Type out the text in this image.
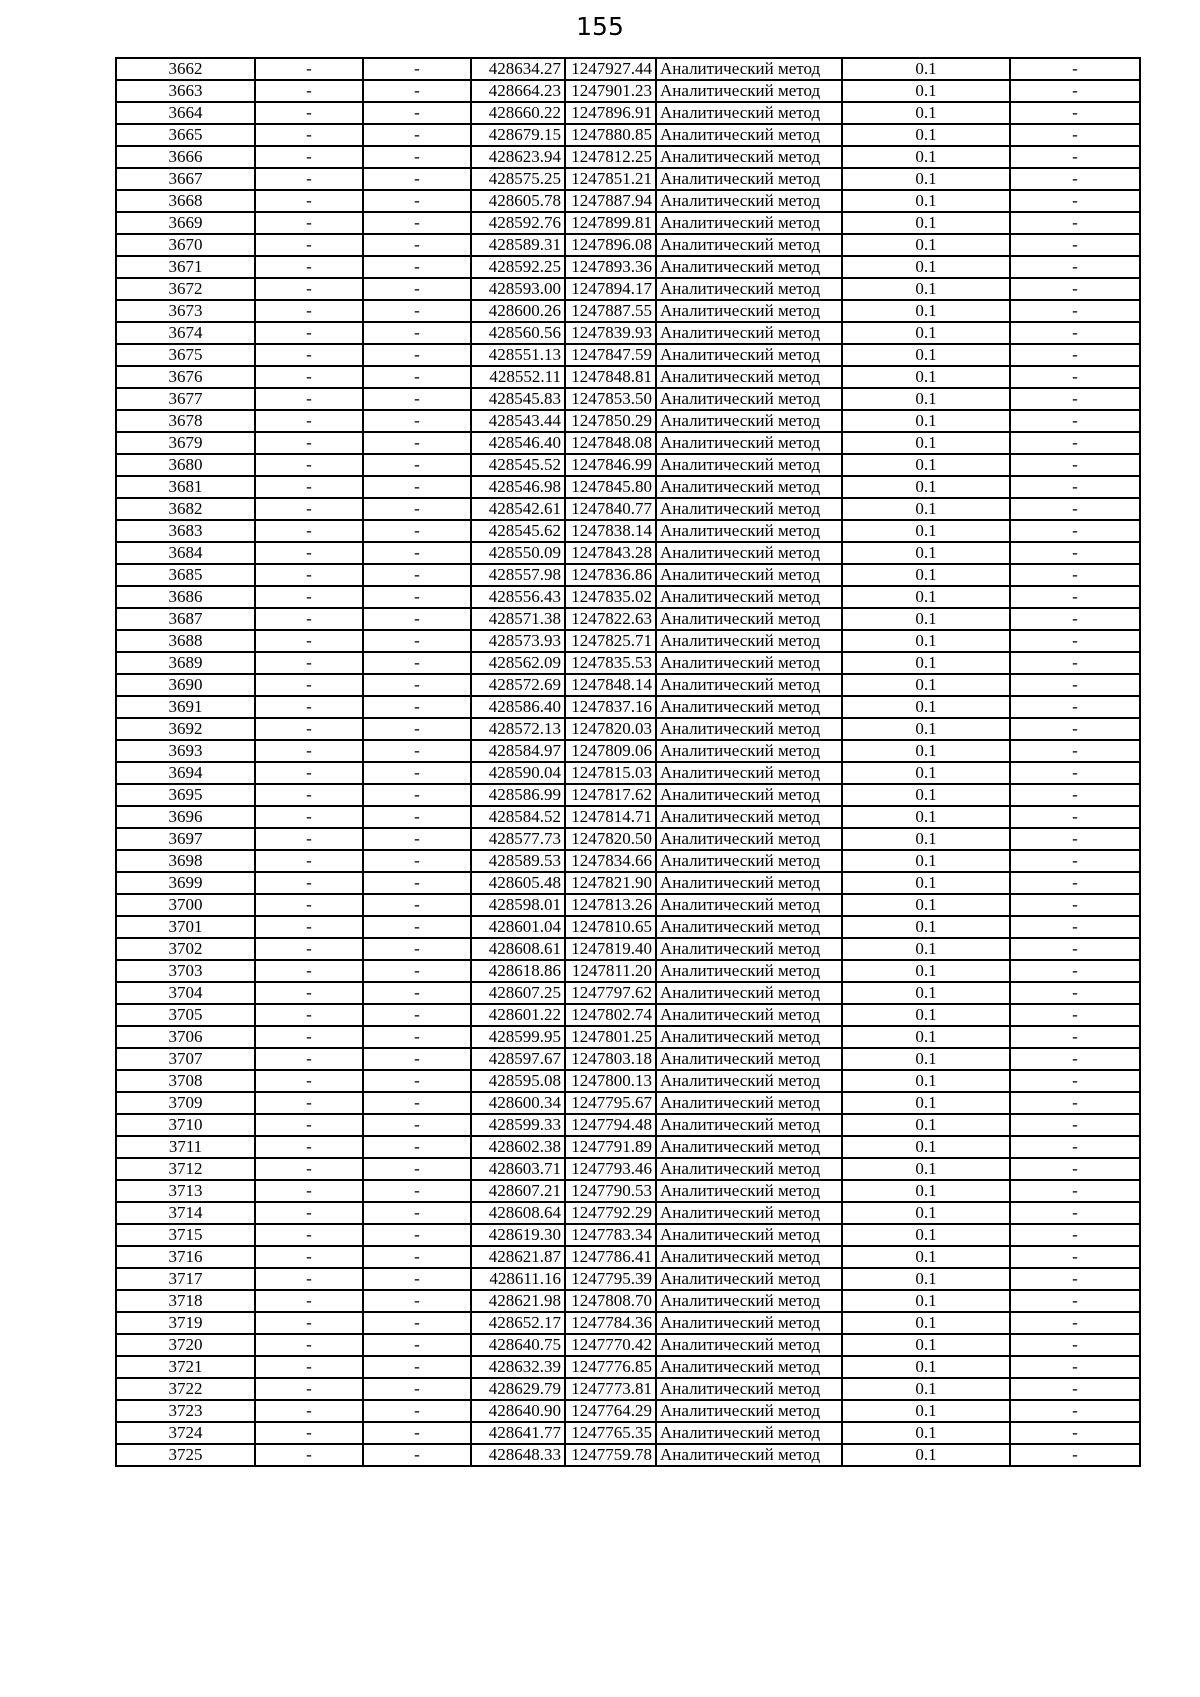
155
3662	-	-	428634.27	1247927.44	Аналитический метод	0.1	-
3663	-	-	428664.23	1247901.23	Аналитический метод	0.1	-
3664	-	-	428660.22	1247896.91	Аналитический метод	0.1	-
3665	-	-	428679.15	1247880.85	Аналитический метод	0.1	-
3666	-	-	428623.94	1247812.25	Аналитический метод	0.1	-
3667	-	-	428575.25	1247851.21	Аналитический метод	0.1	-
3668	-	-	428605.78	1247887.94	Аналитический метод	0.1	-
3669	-	-	428592.76	1247899.81	Аналитический метод	0.1	-
3670	-	-	428589.31	1247896.08	Аналитический метод	0.1	-
3671	-	-	428592.25	1247893.36	Аналитический метод	0.1	-
3672	-	-	428593.00	1247894.17	Аналитический метод	0.1	-
3673	-	-	428600.26	1247887.55	Аналитический метод	0.1	-
3674	-	-	428560.56	1247839.93	Аналитический метод	0.1	-
3675	-	-	428551.13	1247847.59	Аналитический метод	0.1	-
3676	-	-	428552.11	1247848.81	Аналитический метод	0.1	-
3677	-	-	428545.83	1247853.50	Аналитический метод	0.1	-
3678	-	-	428543.44	1247850.29	Аналитический метод	0.1	-
3679	-	-	428546.40	1247848.08	Аналитический метод	0.1	-
3680	-	-	428545.52	1247846.99	Аналитический метод	0.1	-
3681	-	-	428546.98	1247845.80	Аналитический метод	0.1	-
3682	-	-	428542.61	1247840.77	Аналитический метод	0.1	-
3683	-	-	428545.62	1247838.14	Аналитический метод	0.1	-
3684	-	-	428550.09	1247843.28	Аналитический метод	0.1	-
3685	-	-	428557.98	1247836.86	Аналитический метод	0.1	-
3686	-	-	428556.43	1247835.02	Аналитический метод	0.1	-
3687	-	-	428571.38	1247822.63	Аналитический метод	0.1	-
3688	-	-	428573.93	1247825.71	Аналитический метод	0.1	-
3689	-	-	428562.09	1247835.53	Аналитический метод	0.1	-
3690	-	-	428572.69	1247848.14	Аналитический метод	0.1	-
3691	-	-	428586.40	1247837.16	Аналитический метод	0.1	-
3692	-	-	428572.13	1247820.03	Аналитический метод	0.1	-
3693	-	-	428584.97	1247809.06	Аналитический метод	0.1	-
3694	-	-	428590.04	1247815.03	Аналитический метод	0.1	-
3695	-	-	428586.99	1247817.62	Аналитический метод	0.1	-
3696	-	-	428584.52	1247814.71	Аналитический метод	0.1	-
3697	-	-	428577.73	1247820.50	Аналитический метод	0.1	-
3698	-	-	428589.53	1247834.66	Аналитический метод	0.1	-
3699	-	-	428605.48	1247821.90	Аналитический метод	0.1	-
3700	-	-	428598.01	1247813.26	Аналитический метод	0.1	-
3701	-	-	428601.04	1247810.65	Аналитический метод	0.1	-
3702	-	-	428608.61	1247819.40	Аналитический метод	0.1	-
3703	-	-	428618.86	1247811.20	Аналитический метод	0.1	-
3704	-	-	428607.25	1247797.62	Аналитический метод	0.1	-
3705	-	-	428601.22	1247802.74	Аналитический метод	0.1	-
3706	-	-	428599.95	1247801.25	Аналитический метод	0.1	-
3707	-	-	428597.67	1247803.18	Аналитический метод	0.1	-
3708	-	-	428595.08	1247800.13	Аналитический метод	0.1	-
3709	-	-	428600.34	1247795.67	Аналитический метод	0.1	-
3710	-	-	428599.33	1247794.48	Аналитический метод	0.1	-
3711	-	-	428602.38	1247791.89	Аналитический метод	0.1	-
3712	-	-	428603.71	1247793.46	Аналитический метод	0.1	-
3713	-	-	428607.21	1247790.53	Аналитический метод	0.1	-
3714	-	-	428608.64	1247792.29	Аналитический метод	0.1	-
3715	-	-	428619.30	1247783.34	Аналитический метод	0.1	-
3716	-	-	428621.87	1247786.41	Аналитический метод	0.1	-
3717	-	-	428611.16	1247795.39	Аналитический метод	0.1	-
3718	-	-	428621.98	1247808.70	Аналитический метод	0.1	-
3719	-	-	428652.17	1247784.36	Аналитический метод	0.1	-
3720	-	-	428640.75	1247770.42	Аналитический метод	0.1	-
3721	-	-	428632.39	1247776.85	Аналитический метод	0.1	-
3722	-	-	428629.79	1247773.81	Аналитический метод	0.1	-
3723	-	-	428640.90	1247764.29	Аналитический метод	0.1	-
3724	-	-	428641.77	1247765.35	Аналитический метод	0.1	-
3725	-	-	428648.33	1247759.78	Аналитический метод	0.1	-
